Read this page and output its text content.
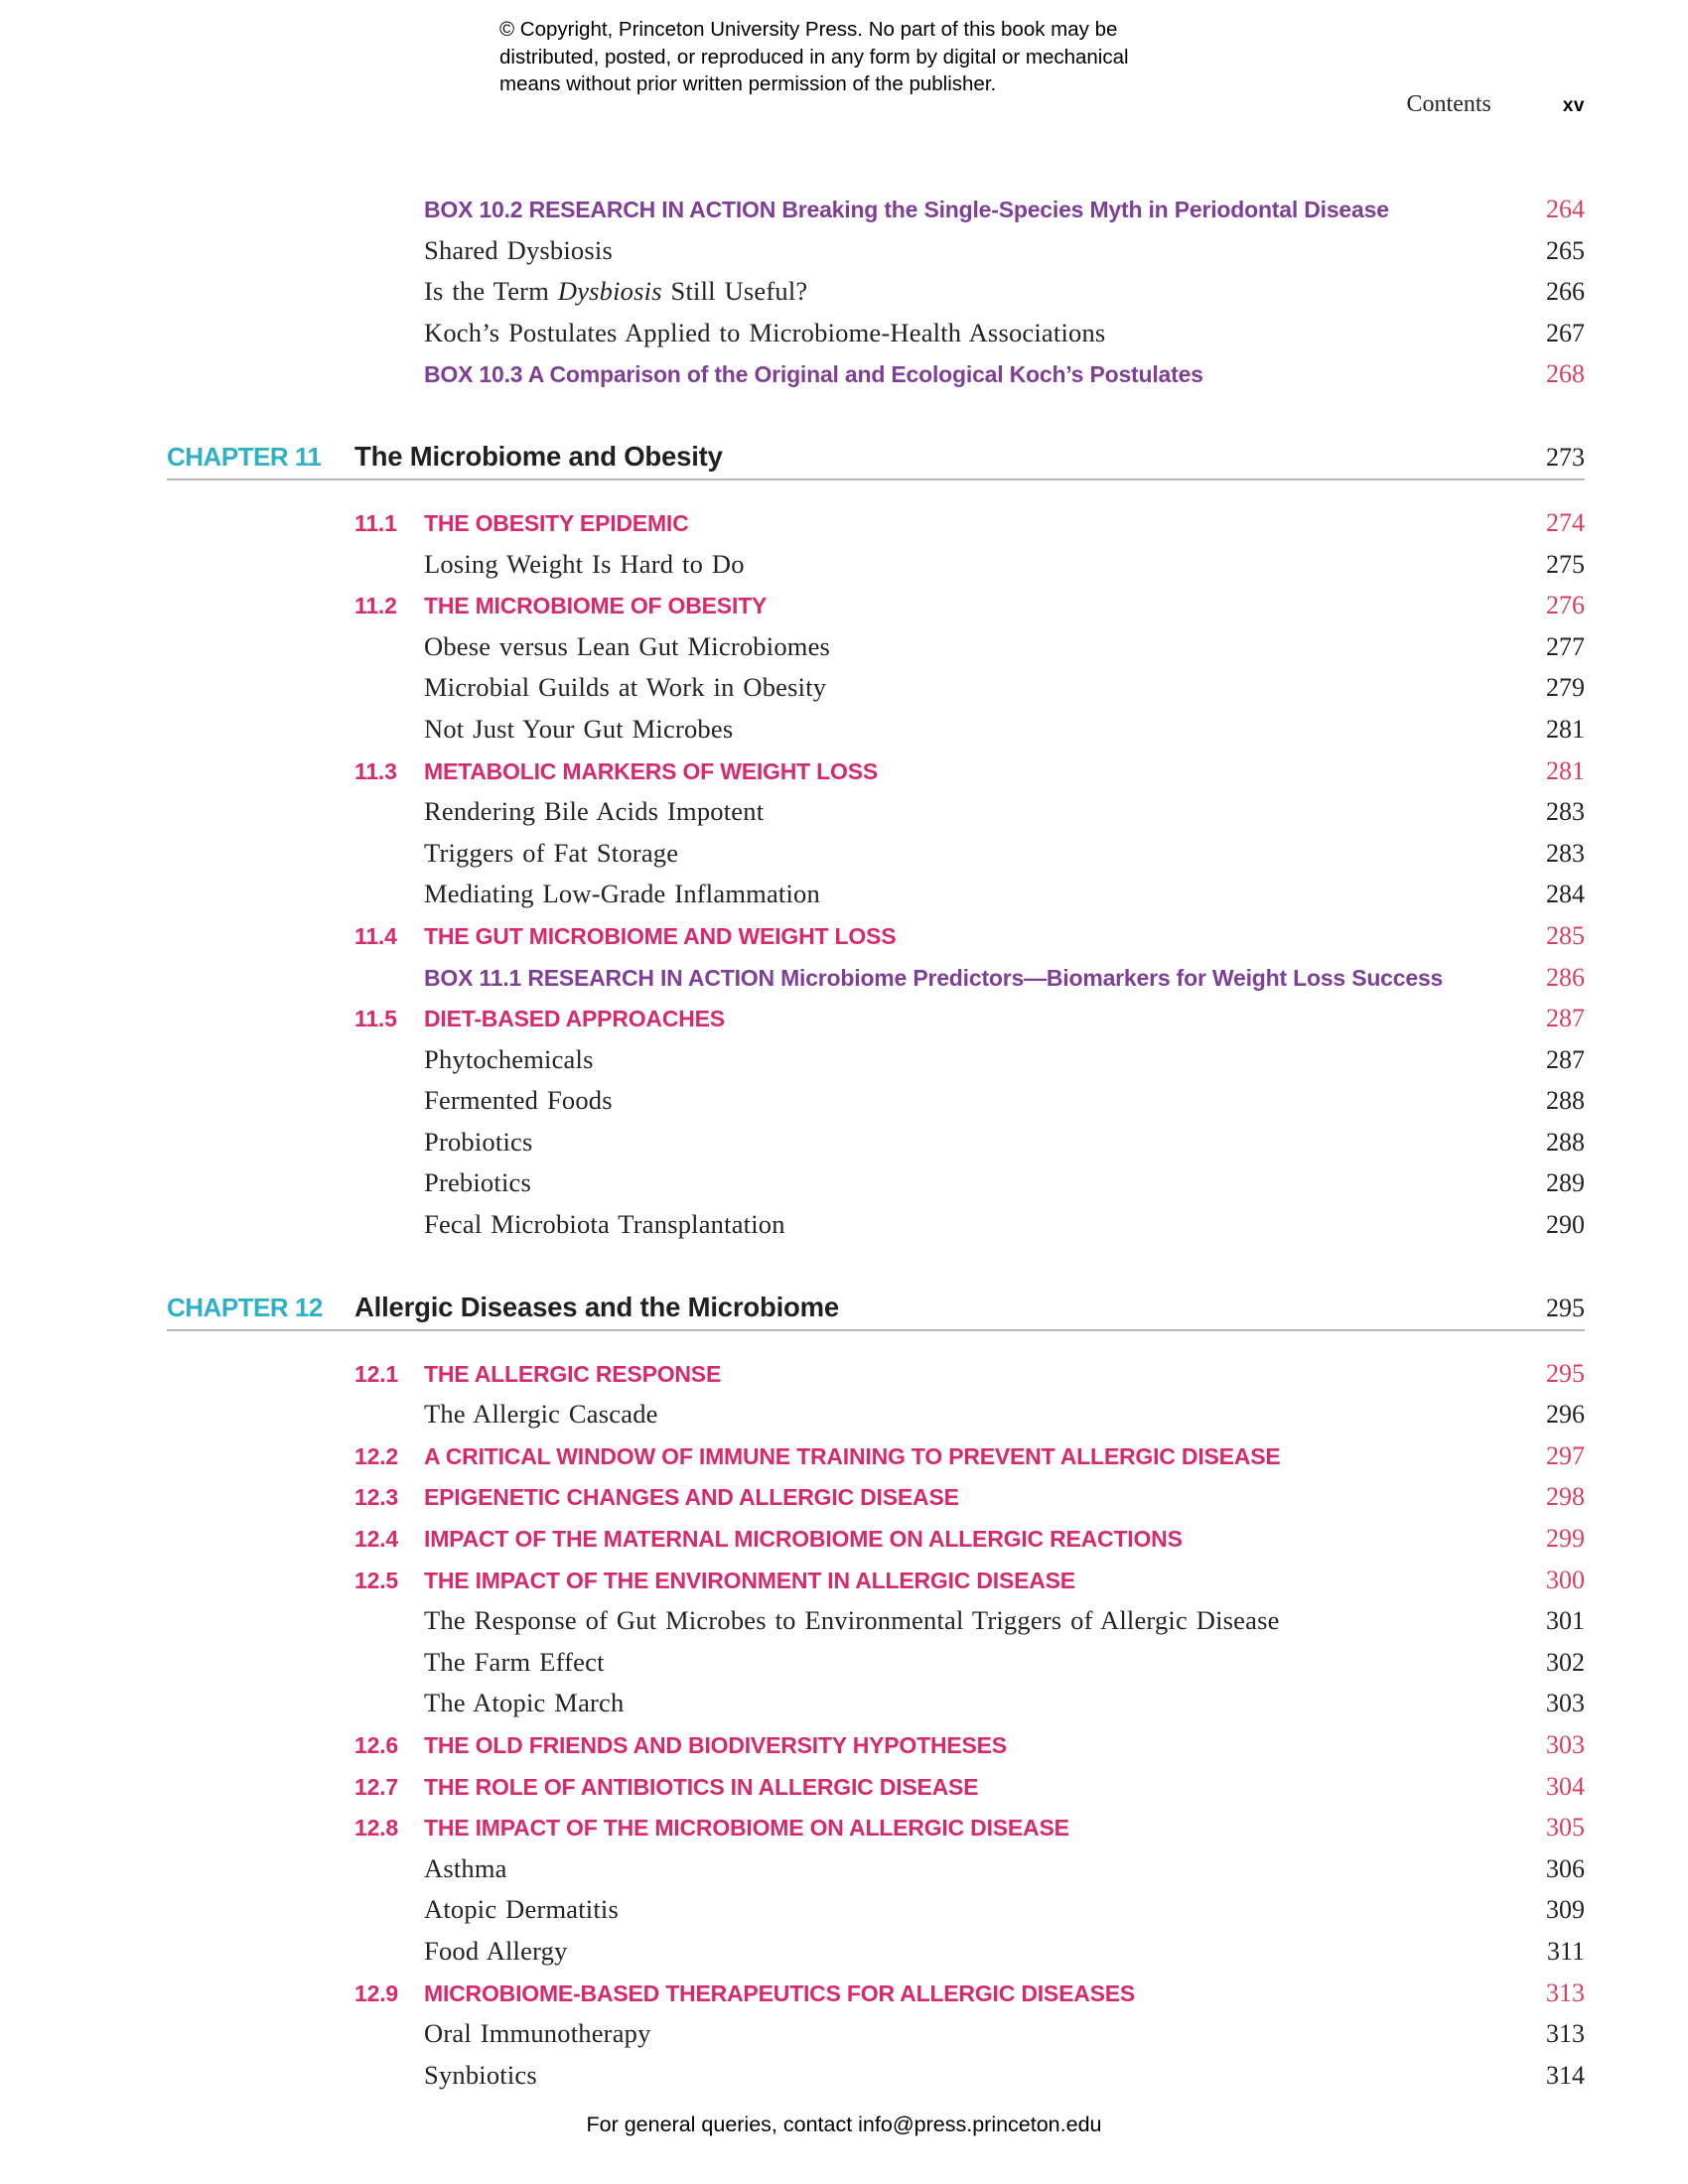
© Copyright, Princeton University Press. No part of this book may be
distributed, posted, or reproduced in any form by digital or mechanical
means without prior written permission of the publisher.
Contents	xv
BOX 10.2 RESEARCH IN ACTION Breaking the Single-Species Myth in Periodontal Disease	264
Shared Dysbiosis	265
Is the Term Dysbiosis Still Useful?	266
Koch’s Postulates Applied to Microbiome-Health Associations	267
BOX 10.3 A Comparison of the Original and Ecological Koch’s Postulates	268
CHAPTER 11	The Microbiome and Obesity	273
11.1	THE OBESITY EPIDEMIC	274
Losing Weight Is Hard to Do	275
11.2	THE MICROBIOME OF OBESITY	276
Obese versus Lean Gut Microbiomes	277
Microbial Guilds at Work in Obesity	279
Not Just Your Gut Microbes	281
11.3	METABOLIC MARKERS OF WEIGHT LOSS	281
Rendering Bile Acids Impotent	283
Triggers of Fat Storage	283
Mediating Low-Grade Inflammation	284
11.4	THE GUT MICROBIOME AND WEIGHT LOSS	285
BOX 11.1 RESEARCH IN ACTION Microbiome Predictors—Biomarkers for Weight Loss Success	286
11.5	DIET-BASED APPROACHES	287
Phytochemicals	287
Fermented Foods	288
Probiotics	288
Prebiotics	289
Fecal Microbiota Transplantation	290
CHAPTER 12	Allergic Diseases and the Microbiome	295
12.1	THE ALLERGIC RESPONSE	295
The Allergic Cascade	296
12.2	A CRITICAL WINDOW OF IMMUNE TRAINING TO PREVENT ALLERGIC DISEASE	297
12.3	EPIGENETIC CHANGES AND ALLERGIC DISEASE	298
12.4	IMPACT OF THE MATERNAL MICROBIOME ON ALLERGIC REACTIONS	299
12.5	THE IMPACT OF THE ENVIRONMENT IN ALLERGIC DISEASE	300
The Response of Gut Microbes to Environmental Triggers of Allergic Disease	301
The Farm Effect	302
The Atopic March	303
12.6	THE OLD FRIENDS AND BIODIVERSITY HYPOTHESES	303
12.7	THE ROLE OF ANTIBIOTICS IN ALLERGIC DISEASE	304
12.8	THE IMPACT OF THE MICROBIOME ON ALLERGIC DISEASE	305
Asthma	306
Atopic Dermatitis	309
Food Allergy	311
12.9	MICROBIOME-BASED THERAPEUTICS FOR ALLERGIC DISEASES	313
Oral Immunotherapy	313
Synbiotics	314
For general queries, contact info@press.princeton.edu
